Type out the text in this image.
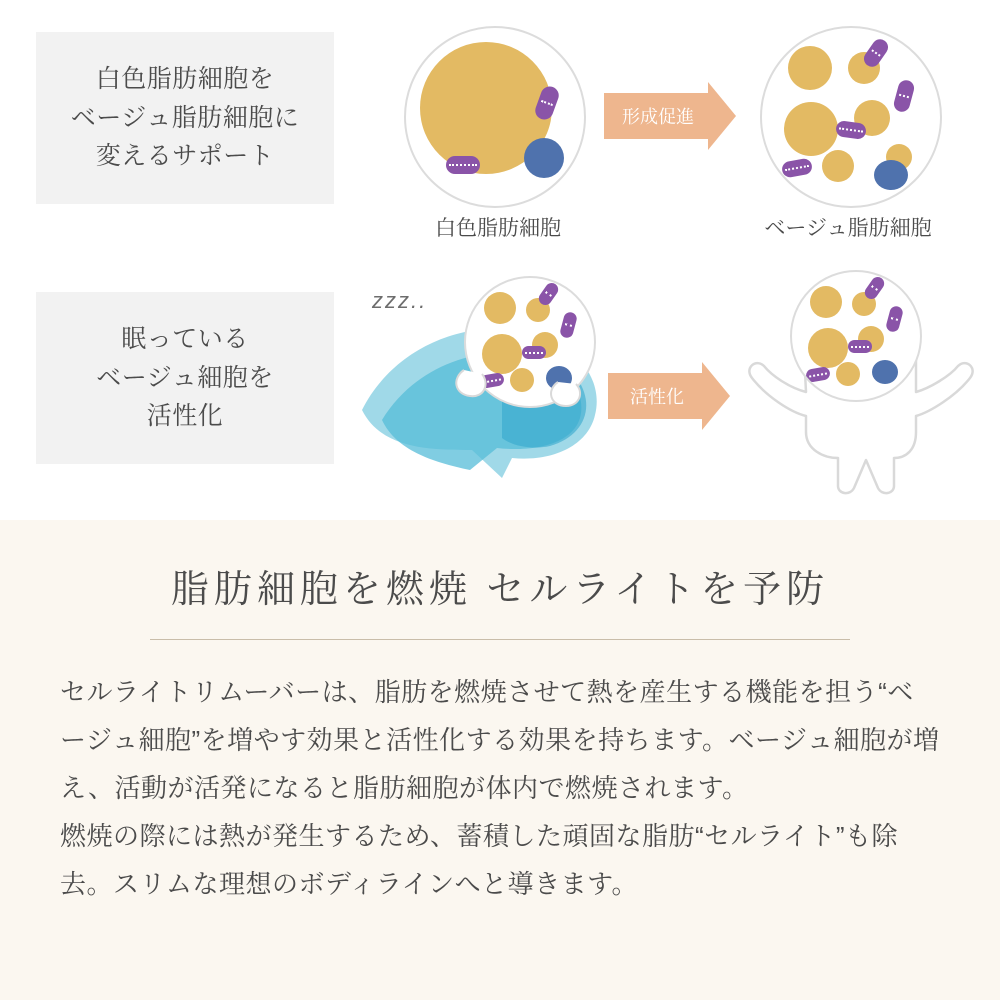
白色脂肪細胞を
ベージュ脂肪細胞に
変えるサポート
白色脂肪細胞
形成促進
ベージュ脂肪細胞
眠っている
ベージュ細胞を
活性化
zzz..
活性化
脂肪細胞を燃焼 セルライトを予防

セルライトリムーバーは、脂肪を燃焼させて熱を産生する機能を担う“ベージュ細胞”を増やす効果と活性化する効果を持ちます。ベージュ細胞が増え、活動が活発になると脂肪細胞が体内で燃焼されます。

燃焼の際には熱が発生するため、蓄積した頑固な脂肪“セルライト”も除去。スリムな理想のボディラインへと導きます。
